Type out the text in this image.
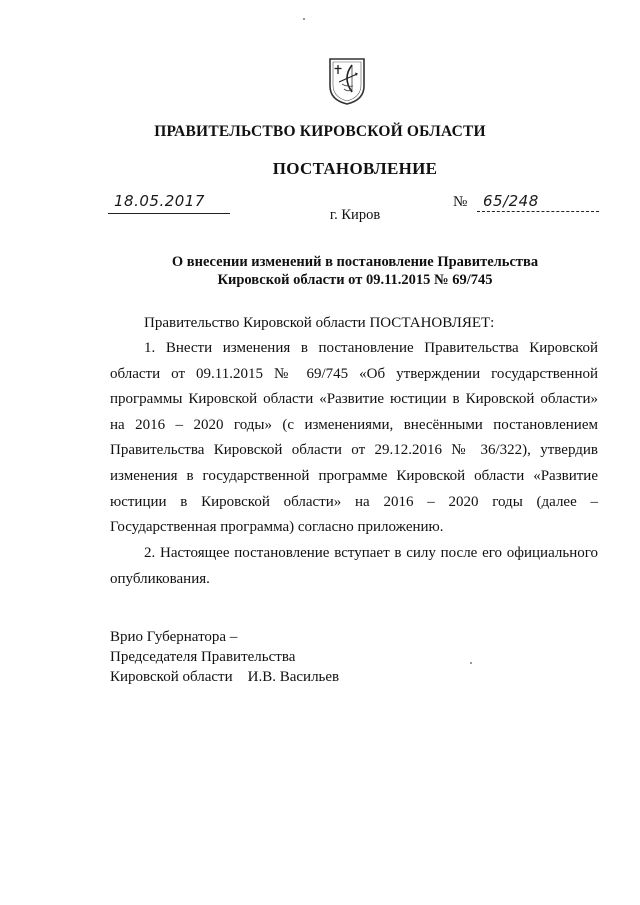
ПРАВИТЕЛЬСТВО КИРОВСКОЙ ОБЛАСТИ
ПОСТАНОВЛЕНИЕ
18.05.2017	№ 65/248
г. Киров
О внесении изменений в постановление Правительства
Кировской области от 09.11.2015 № 69/745
Правительство Кировской области ПОСТАНОВЛЯЕТ:
1. Внести изменения в постановление Правительства Кировской области от 09.11.2015 № 69/745 «Об утверждении государственной программы Кировской области «Развитие юстиции в Кировской области» на 2016 – 2020 годы» (с изменениями, внесёнными постановлением Правительства Кировской области от 29.12.2016 № 36/322), утвердив изменения в государственной программе Кировской области «Развитие юстиции в Кировской области» на 2016 – 2020 годы (далее – Государственная программа) согласно приложению.
2. Настоящее постановление вступает в силу после его официального опубликования.
Врио Губернатора –
Председателя Правительства
Кировской области    И.В. Васильев
